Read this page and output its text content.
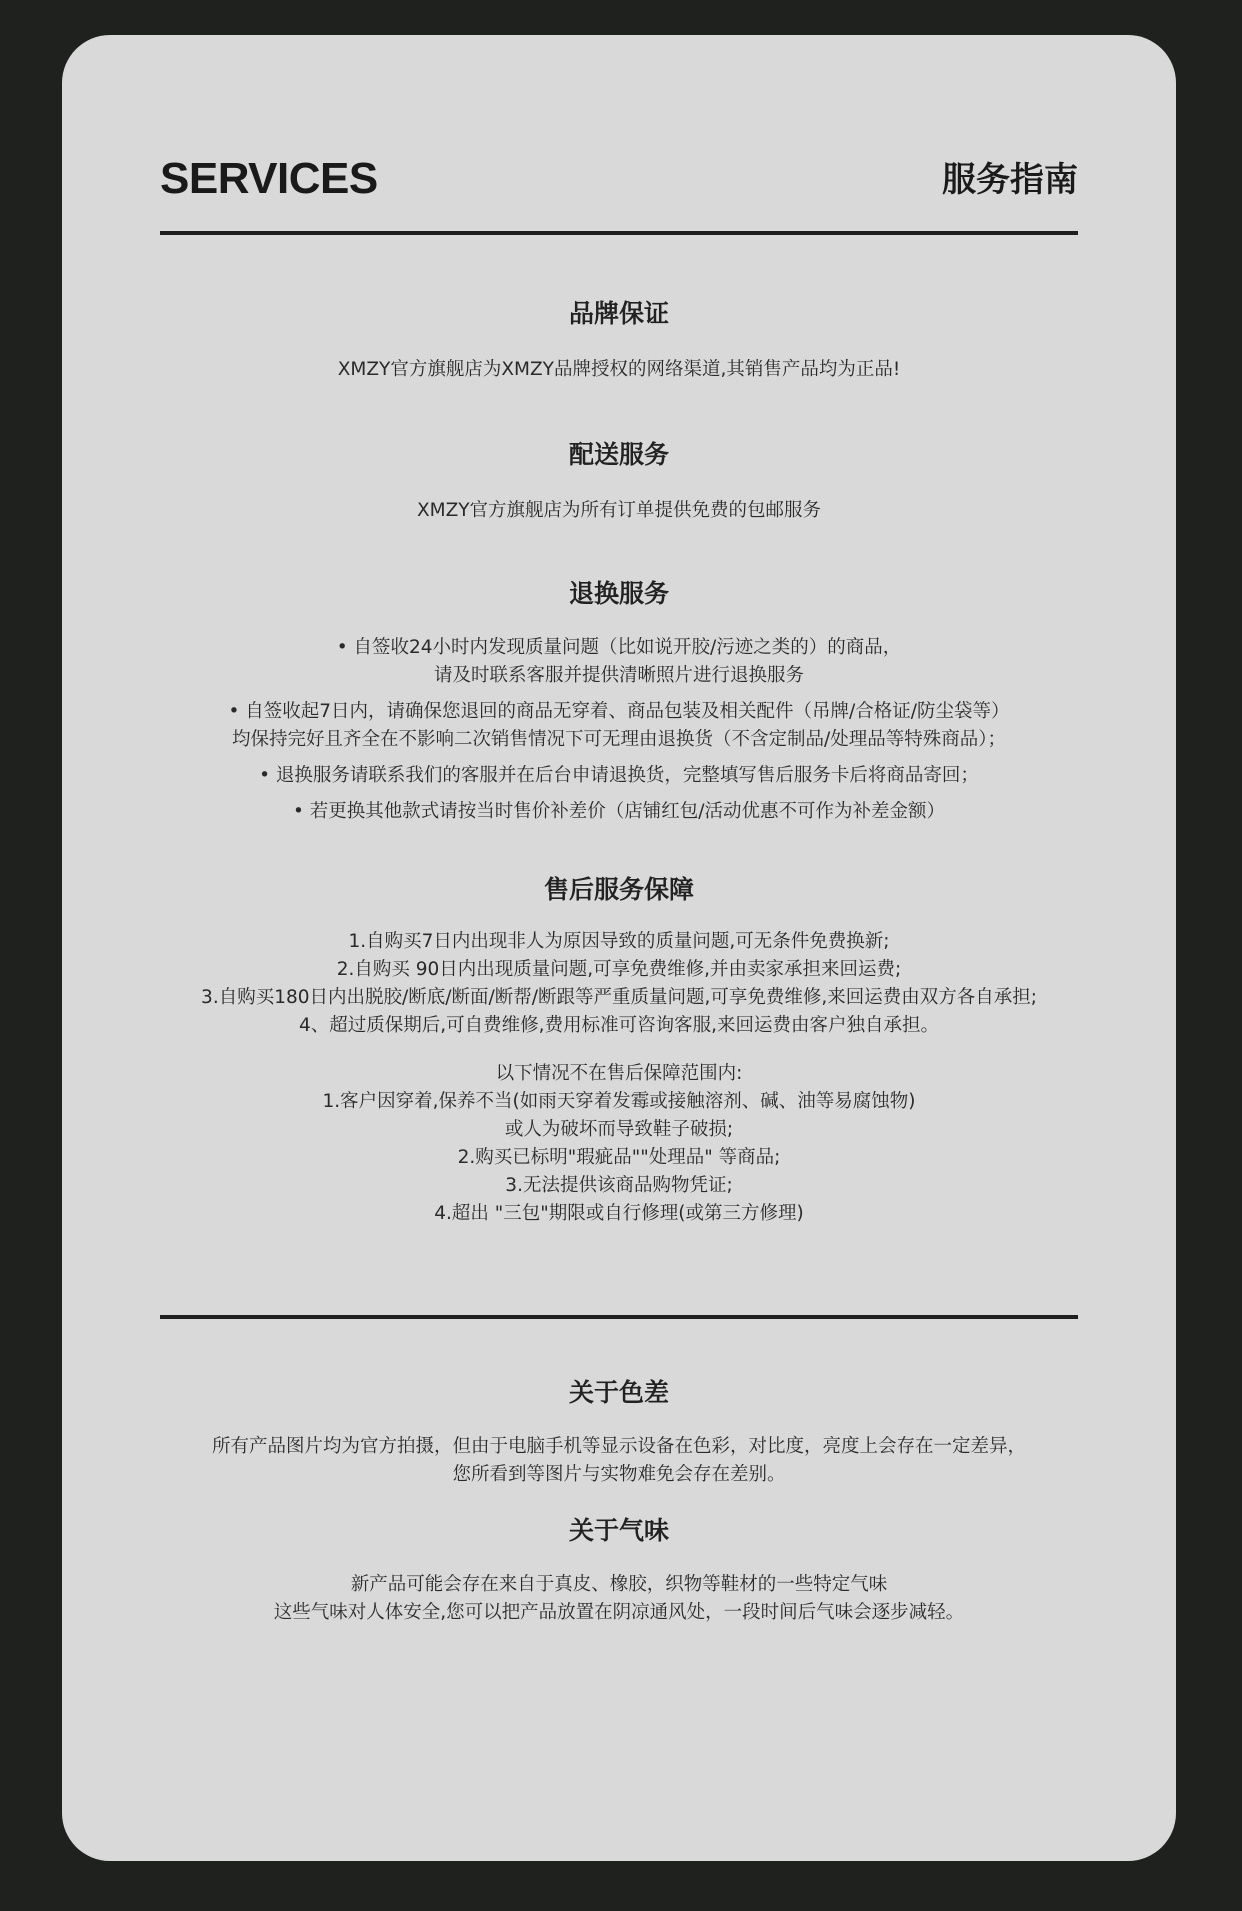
SERVICES	服务指南
品牌保证

XMZY官方旗舰店为XMZY品牌授权的网络渠道,其销售产品均为正品!

配送服务

XMZY官方旗舰店为所有订单提供免费的包邮服务

退换服务

• 自签收24小时内发现质量问题（比如说开胶/污迹之类的）的商品，

请及时联系客服并提供清晰照片进行退换服务

• 自签收起7日内，请确保您退回的商品无穿着、商品包装及相关配件（吊牌/合格证/防尘袋等）

均保持完好且齐全在不影响二次销售情况下可无理由退换货（不含定制品/处理品等特殊商品）；

• 退换服务请联系我们的客服并在后台申请退换货，完整填写售后服务卡后将商品寄回；

• 若更换其他款式请按当时售价补差价（店铺红包/活动优惠不可作为补差金额）

售后服务保障

1.自购买7日内出现非人为原因导致的质量问题,可无条件免费换新;

2.自购买 90日内出现质量问题,可享免费维修,并由卖家承担来回运费;

3.自购买180日内出脱胶/断底/断面/断帮/断跟等严重质量问题,可享免费维修,来回运费由双方各自承担;

4、超过质保期后,可自费维修,费用标准可咨询客服,来回运费由客户独自承担。

以下情况不在售后保障范围内:

1.客户因穿着,保养不当(如雨天穿着发霉或接触溶剂、碱、油等易腐蚀物)

或人为破坏而导致鞋子破损;

2.购买已标明"瑕疵品""处理品" 等商品;

3.无法提供该商品购物凭证;

4.超出 "三包"期限或自行修理(或第三方修理)

关于色差

所有产品图片均为官方拍摄，但由于电脑手机等显示设备在色彩，对比度，亮度上会存在一定差异，

您所看到等图片与实物难免会存在差别。

关于气味

新产品可能会存在来自于真皮、橡胶，织物等鞋材的一些特定气味

这些气味对人体安全,您可以把产品放置在阴凉通风处，一段时间后气味会逐步减轻。
